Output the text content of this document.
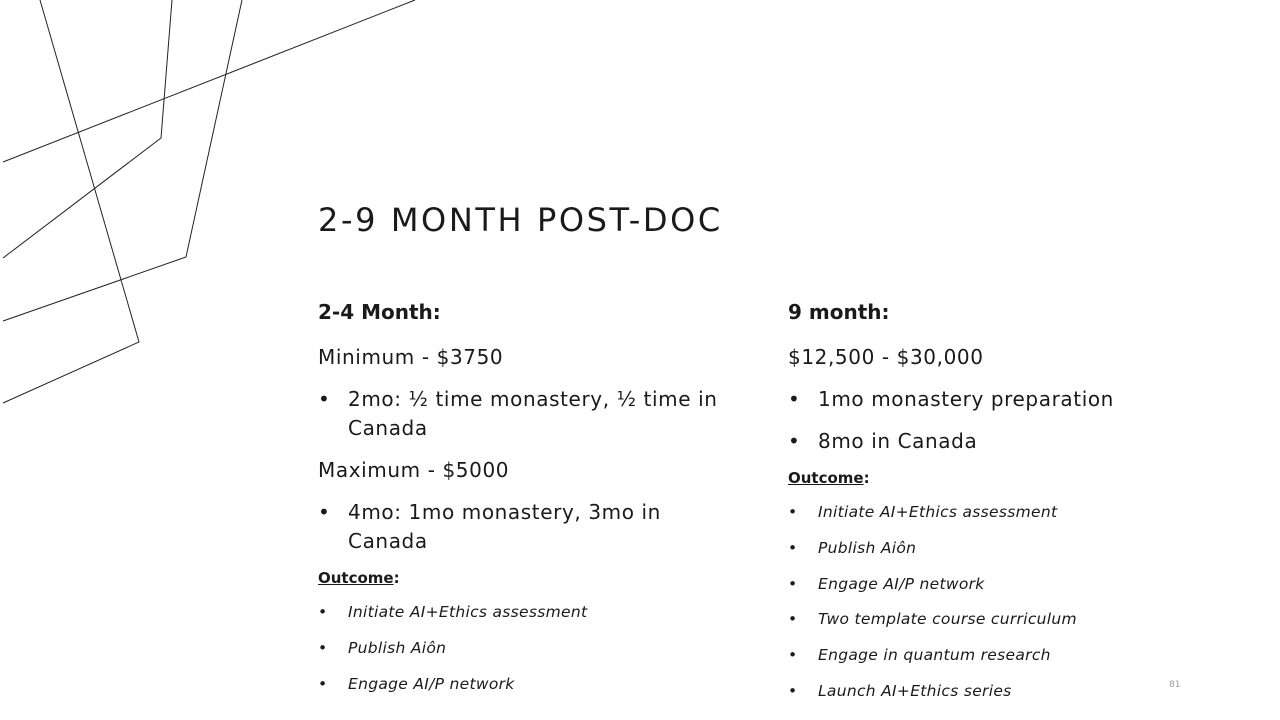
2-9 MONTH POST-DOC
2-4 Month:
Minimum - $3750
• 2mo: ½ time monastery, ½ time in Canada
Maximum - $5000
• 4mo: 1mo monastery, 3mo in Canada
Outcome:
• Initiate AI+Ethics assessment
• Publish Aiôn
• Engage AI/P network
9 month:
$12,500 - $30,000
• 1mo monastery preparation
• 8mo in Canada
Outcome:
• Initiate AI+Ethics assessment
• Publish Aiôn
• Engage AI/P network
• Two template course curriculum
• Engage in quantum research
• Launch AI+Ethics series	81
